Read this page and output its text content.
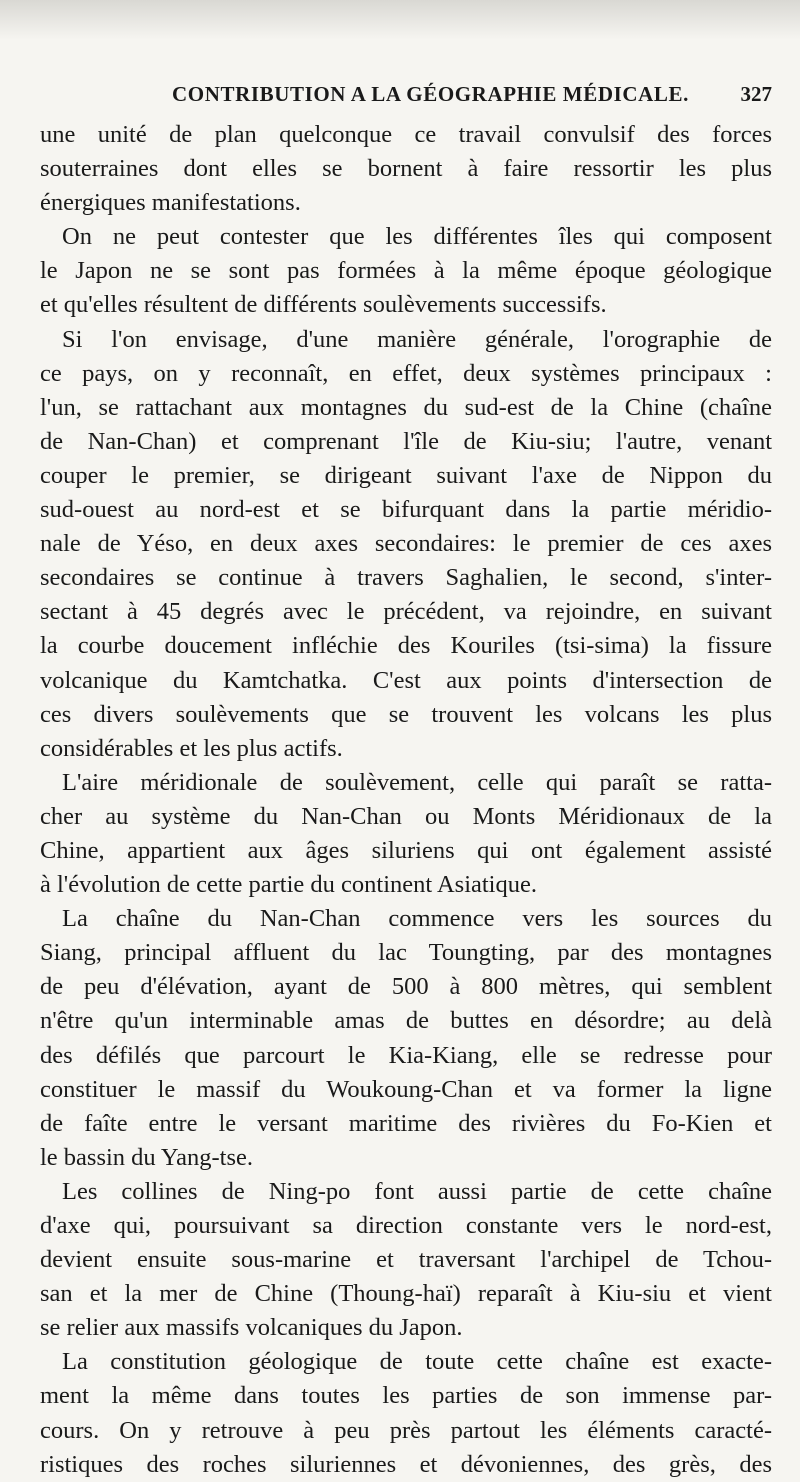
CONTRIBUTION A LA GÉOGRAPHIE MÉDICALE. 327
une unité de plan quelconque ce travail convulsif des forces
souterraines dont elles se bornent à faire ressortir les plus
énergiques manifestations.
On ne peut contester que les différentes îles qui composent
le Japon ne se sont pas formées à la même époque géologique
et qu'elles résultent de différents soulèvements successifs.
Si l'on envisage, d'une manière générale, l'orographie de
ce pays, on y reconnaît, en effet, deux systèmes principaux :
l'un, se rattachant aux montagnes du sud-est de la Chine (chaîne
de Nan-Chan) et comprenant l'île de Kiu-siu; l'autre, venant
couper le premier, se dirigeant suivant l'axe de Nippon du
sud-ouest au nord-est et se bifurquant dans la partie méridio-
nale de Yéso, en deux axes secondaires: le premier de ces axes
secondaires se continue à travers Saghalien, le second, s'inter-
sectant à 45 degrés avec le précédent, va rejoindre, en suivant
la courbe doucement infléchie des Kouriles (tsi-sima) la fissure
volcanique du Kamtchatka. C'est aux points d'intersection de
ces divers soulèvements que se trouvent les volcans les plus
considérables et les plus actifs.
L'aire méridionale de soulèvement, celle qui paraît se ratta-
cher au système du Nan-Chan ou Monts Méridionaux de la
Chine, appartient aux âges siluriens qui ont également assisté
à l'évolution de cette partie du continent Asiatique.
La chaîne du Nan-Chan commence vers les sources du
Siang, principal affluent du lac Toungting, par des montagnes
de peu d'élévation, ayant de 500 à 800 mètres, qui semblent
n'être qu'un interminable amas de buttes en désordre; au delà
des défilés que parcourt le Kia-Kiang, elle se redresse pour
constituer le massif du Woukoung-Chan et va former la ligne
de faîte entre le versant maritime des rivières du Fo-Kien et
le bassin du Yang-tse.
Les collines de Ning-po font aussi partie de cette chaîne
d'axe qui, poursuivant sa direction constante vers le nord-est,
devient ensuite sous-marine et traversant l'archipel de Tchou-
san et la mer de Chine (Thoung-haï) reparaît à Kiu-siu et vient
se relier aux massifs volcaniques du Japon.
La constitution géologique de toute cette chaîne est exacte-
ment la même dans toutes les parties de son immense par-
cours. On y retrouve à peu près partout les éléments caracté-
ristiques des roches siluriennes et dévoniennes, des grès, des
